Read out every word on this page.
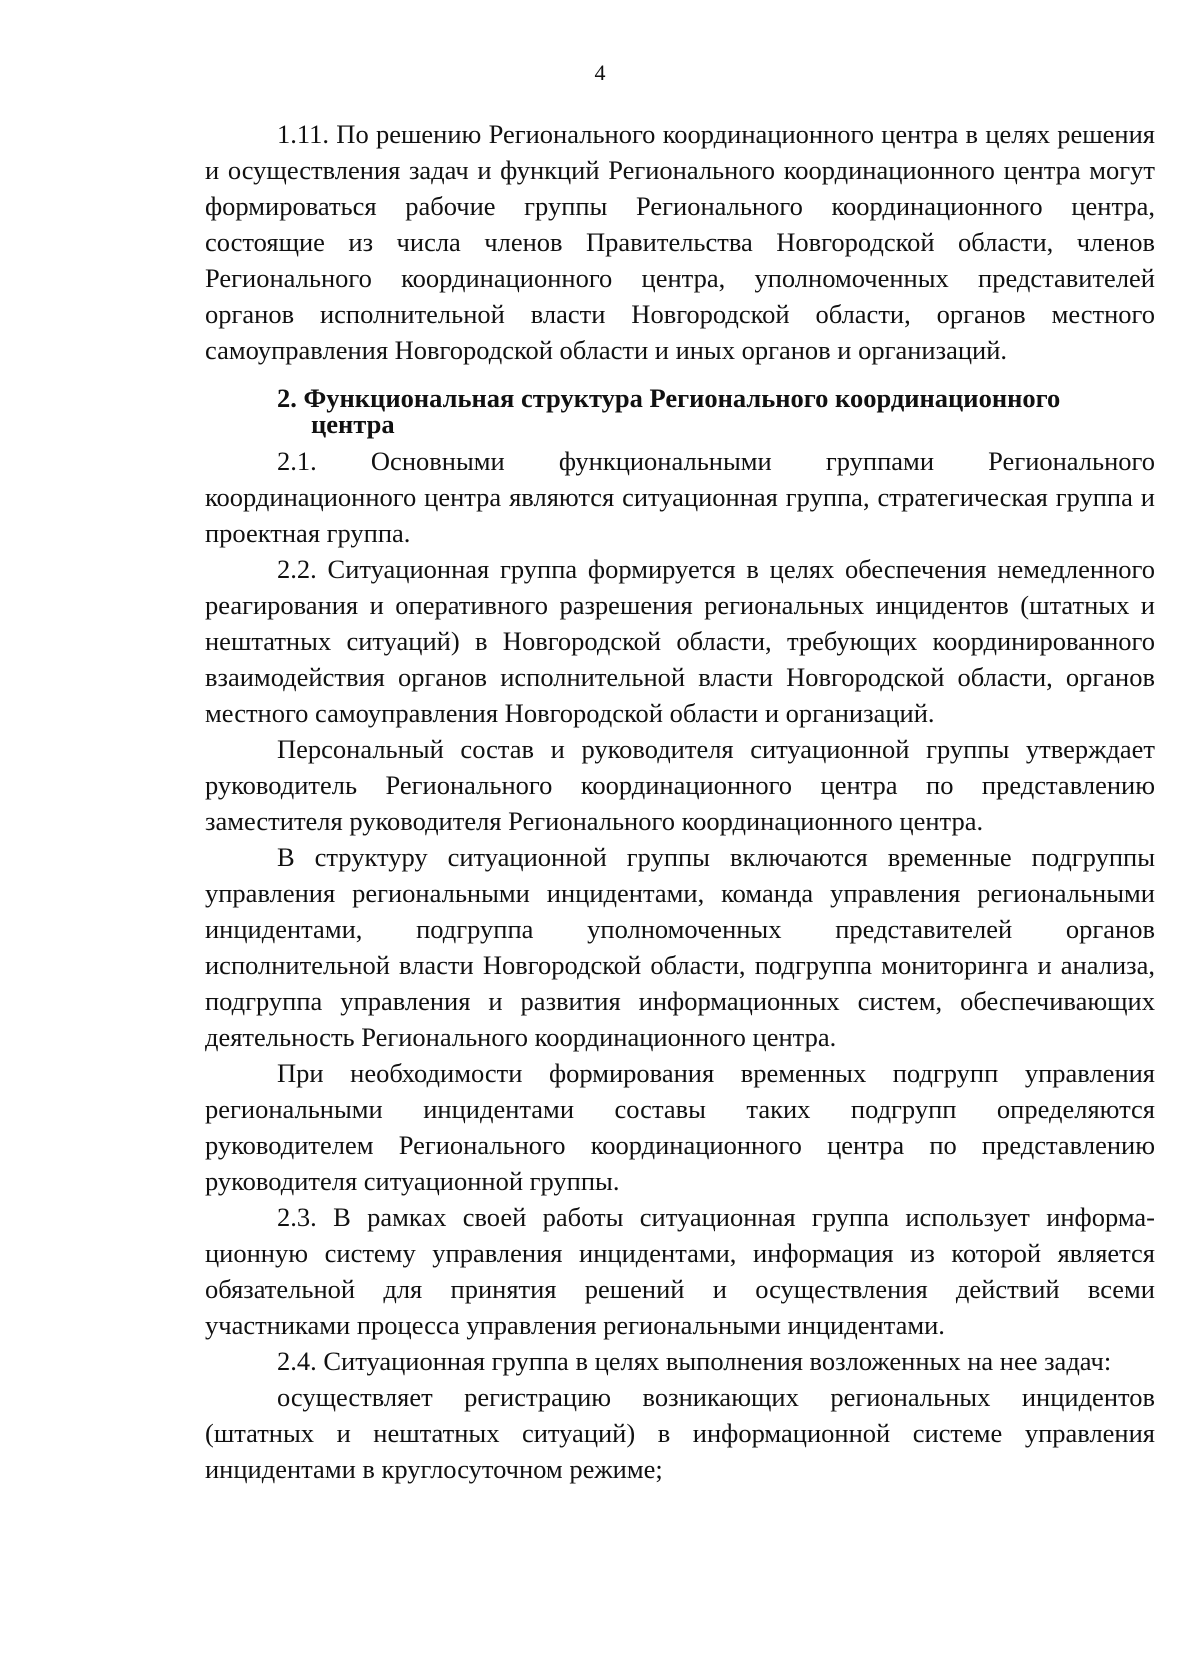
4

1.11. По решению Регионального координационного центра в целях решения и осуществления задач и функций Регионального координационного центра могут формироваться рабочие группы Регионального координационного центра, состоящие из числа членов Правительства Новгородской области, членов Регионального координационного центра, уполномоченных представителей органов исполнительной власти Новгородской области, органов местного самоуправления Новгородской области и иных органов и организаций.

2. Функциональная структура Регионального координационного
центра

2.1. Основными функциональными группами Регионального координационного центра являются ситуационная группа, стратегическая группа и проектная группа.

2.2. Ситуационная группа формируется в целях обеспечения немедленного реагирования и оперативного разрешения региональных инцидентов (штатных и нештатных ситуаций) в Новгородской области, требующих координированного взаимодействия органов исполнительной власти Новгородской области, органов местного самоуправления Новгородской области и организаций.

Персональный состав и руководителя ситуационной группы утверждает руководитель Регионального координационного центра по представлению заместителя руководителя Регионального координационного центра.

В структуру ситуационной группы включаются временные подгруппы управления региональными инцидентами, команда управления региональными инцидентами, подгруппа уполномоченных представителей органов исполнительной власти Новгородской области, подгруппа мониторинга и анализа, подгруппа управления и развития информационных систем, обеспечивающих деятельность Регионального координационного центра.

При необходимости формирования временных подгрупп управления региональными инцидентами составы таких подгрупп определяются руководителем Регионального координационного центра по представлению руководителя ситуационной группы.

2.3. В рамках своей работы ситуационная группа использует информационную систему управления инцидентами, информация из которой является обязательной для принятия решений и осуществления действий всеми участниками процесса управления региональными инцидентами.

2.4. Ситуационная группа в целях выполнения возложенных на нее задач:

осуществляет регистрацию возникающих региональных инцидентов (штатных и нештатных ситуаций) в информационной системе управления инцидентами в круглосуточном режиме;
